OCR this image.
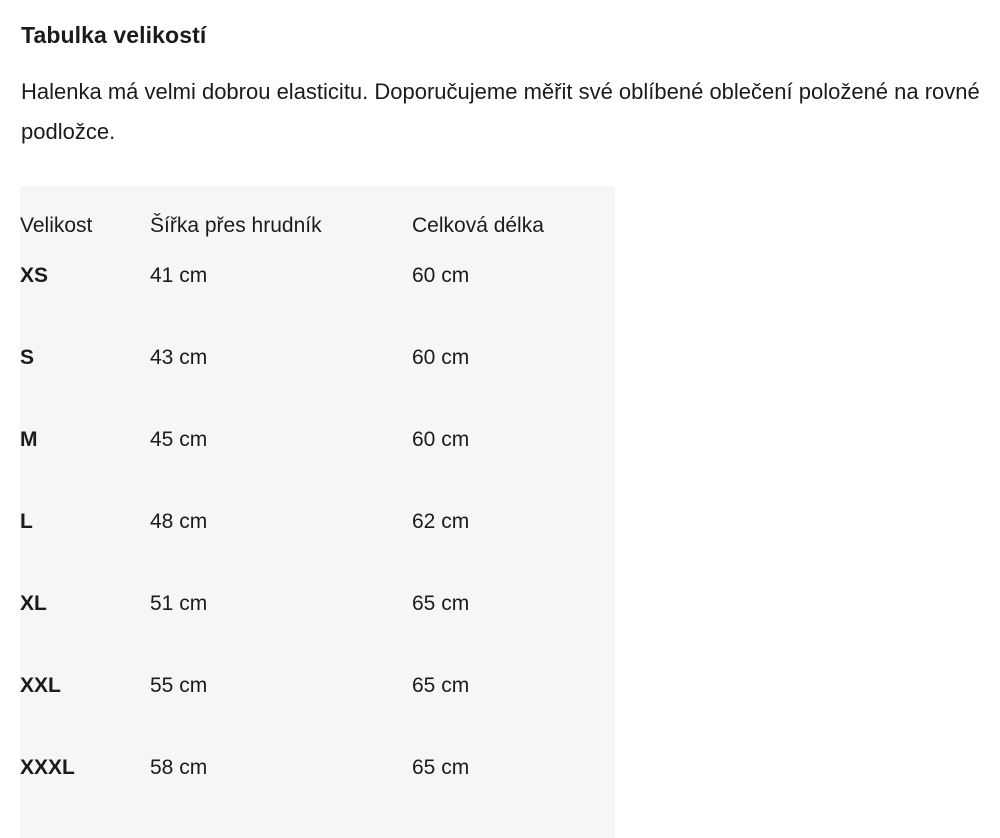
Tabulka velikostí
Halenka má velmi dobrou elasticitu. Doporučujeme měřit své oblíbené oblečení položené na rovné podložce.
Velikost	Šířka přes hrudník	Celková délka
XS	41 cm	60 cm
S	43 cm	60 cm
M	45 cm	60 cm
L	48 cm	62 cm
XL	51 cm	65 cm
XXL	55 cm	65 cm
XXXL	58 cm	65 cm
